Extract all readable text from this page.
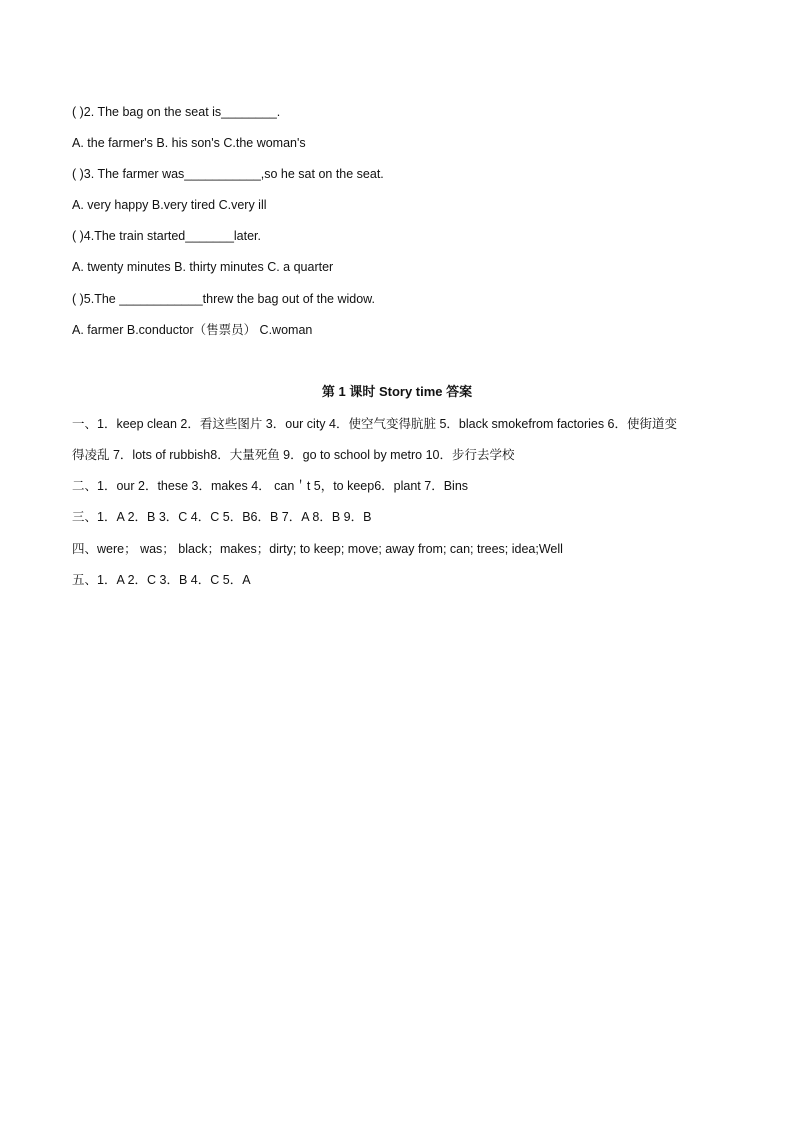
( )2. The bag on the seat is________.
A. the farmer's B. his son's C.the woman's
( )3. The farmer was___________,so he sat on the seat.
A. very happy B.very tired C.very ill
( )4.The train started_______later.
A. twenty minutes B. thirty minutes C. a quarter
( )5.The ____________threw the bag out of the widow.
A. farmer B.conductor（售票员） C.woman
第 1 课时 Story time 答案
一、1．keep clean 2．看这些图片 3．our city 4．使空气变得肮脏 5．black smokefrom factories 6．使街道变
得凌乱 7．lots of rubbish8．大量死鱼 9．go to school by metro 10．步行去学校
二、1．our 2．these 3．makes 4． can＇t 5，to keep6．plant 7．Bins
三、1．A 2．B 3．C 4．C 5．B6．B 7．A 8．B 9．B
四、were； was； black；makes；dirty; to keep; move; away from; can; trees; idea;Well
五、1．A 2．C 3．B 4．C 5．A
